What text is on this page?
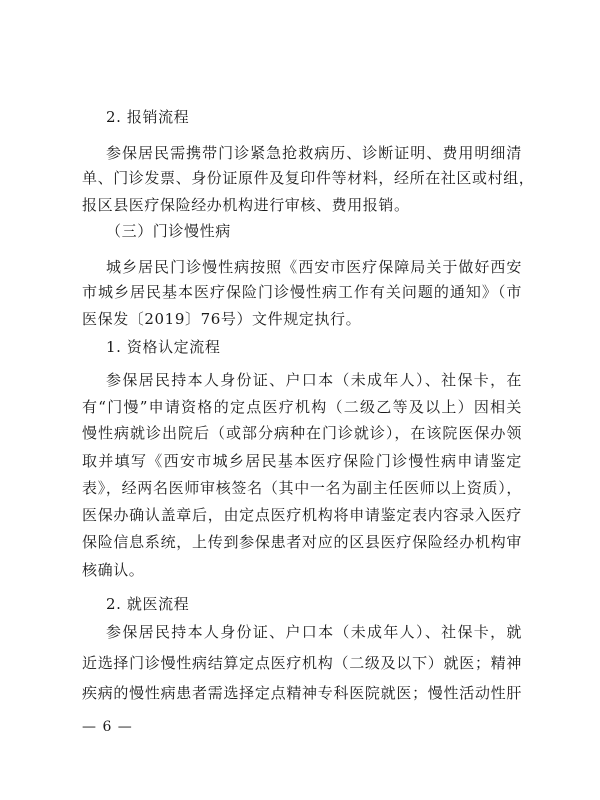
2. 报销流程
参保居民需携带门诊紧急抢救病历、诊断证明、费用明细清
单、门诊发票、身份证原件及复印件等材料，经所在社区或村组，
报区县医疗保险经办机构进行审核、费用报销。
（三）门诊慢性病
城乡居民门诊慢性病按照《西安市医疗保障局关于做好西安
市城乡居民基本医疗保险门诊慢性病工作有关问题的通知》（市
医保发〔2019〕76号）文件规定执行。
1. 资格认定流程
参保居民持本人身份证、户口本（未成年人）、社保卡，在
有“门慢”申请资格的定点医疗机构（二级乙等及以上）因相关
慢性病就诊出院后（或部分病种在门诊就诊），在该院医保办领
取并填写《西安市城乡居民基本医疗保险门诊慢性病申请鉴定
表》，经两名医师审核签名（其中一名为副主任医师以上资质），
医保办确认盖章后，由定点医疗机构将申请鉴定表内容录入医疗
保险信息系统，上传到参保患者对应的区县医疗保险经办机构审
核确认。
2. 就医流程
参保居民持本人身份证、户口本（未成年人）、社保卡，就
近选择门诊慢性病结算定点医疗机构（二级及以下）就医；精神
疾病的慢性病患者需选择定点精神专科医院就医；慢性活动性肝
— 6 —
